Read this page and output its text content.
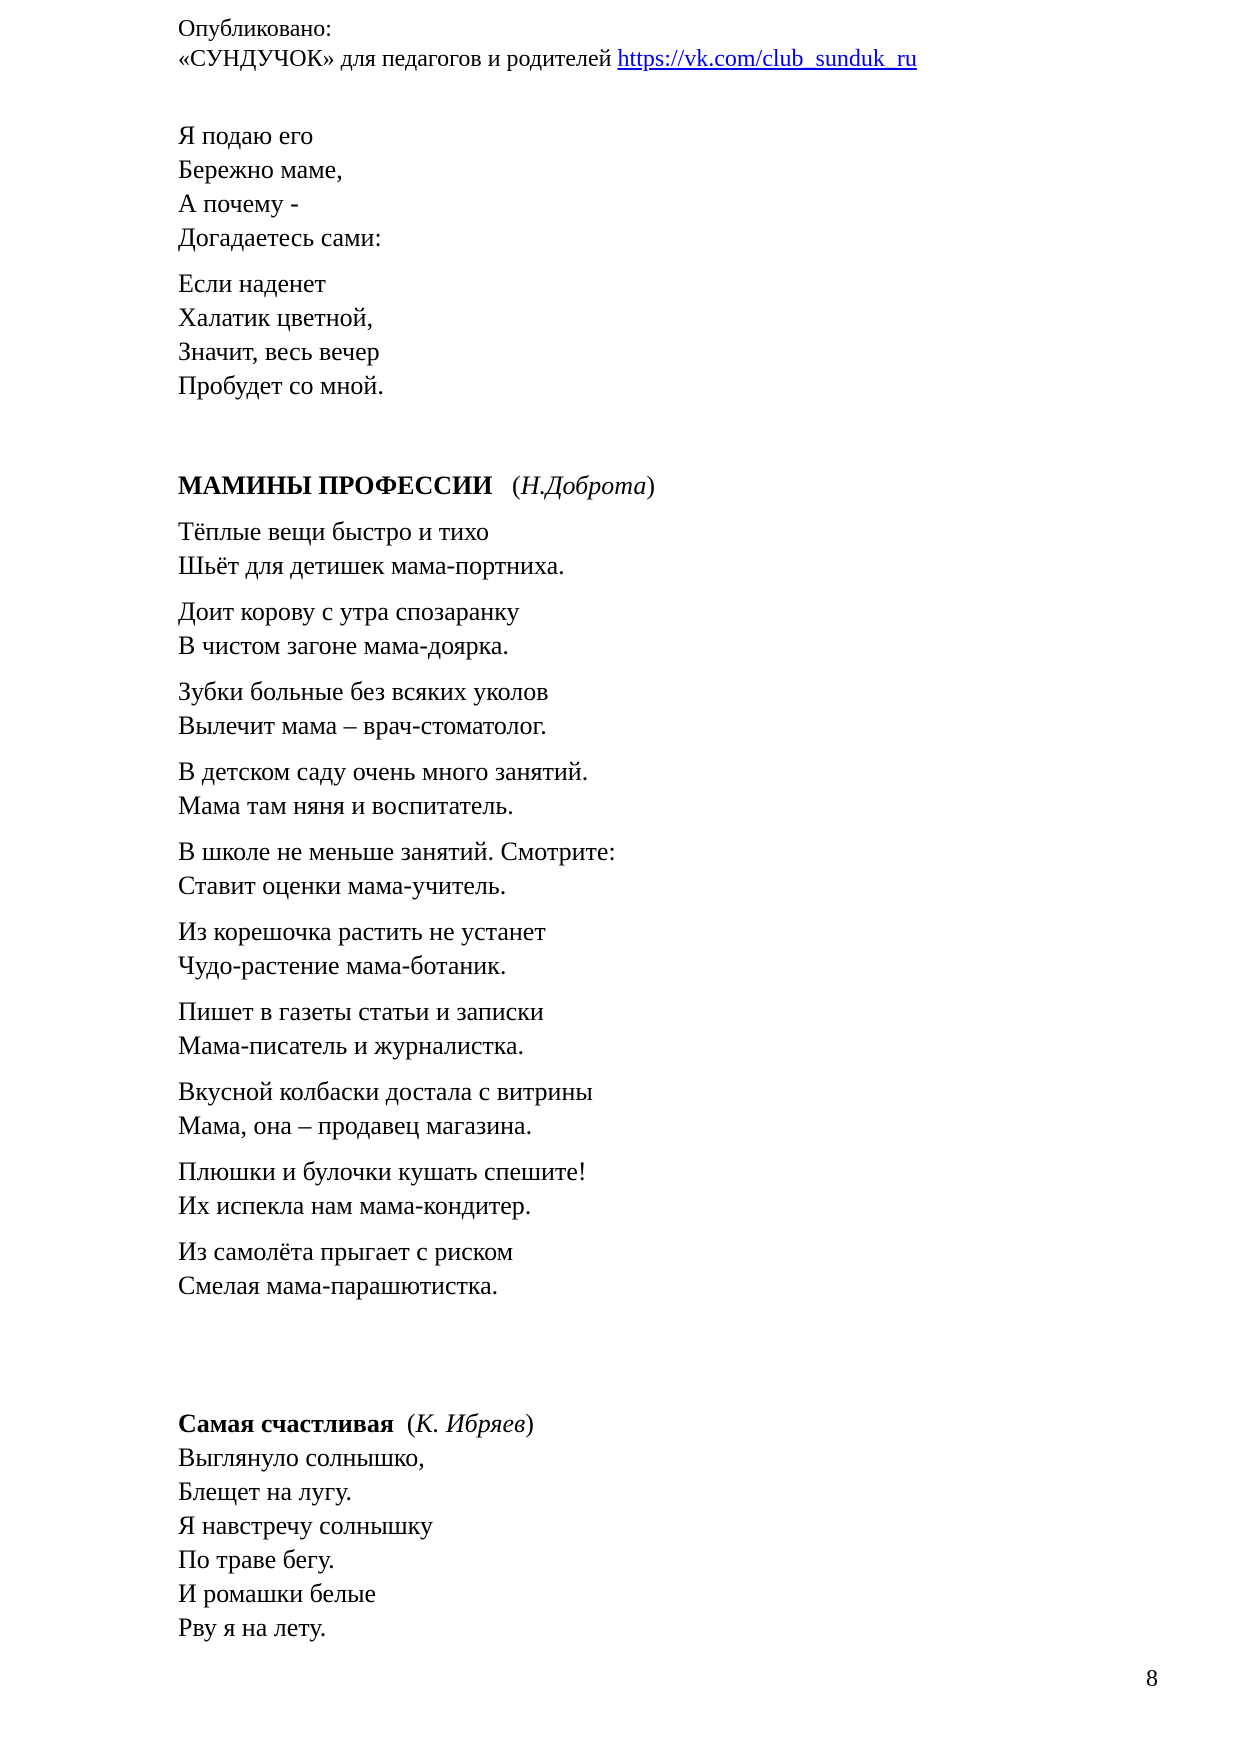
Опубликовано:
«СУНДУЧОК» для педагогов и родителей https://vk.com/club_sunduk_ru
Я подаю его
Бережно маме,
А почему -
Догадаетесь сами:
Если наденет
Халатик цветной,
Значит, весь вечер
Пробудет со мной.
МАМИНЫ ПРОФЕССИИ   (Н.Доброта)
Тёплые вещи быстро и тихо
Шьёт для детишек мама-портниха.
Доит корову с утра спозаранку
В чистом загоне мама-доярка.
Зубки больные без всяких уколов
Вылечит мама – врач-стоматолог.
В детском саду очень много занятий.
Мама там няня и воспитатель.
В школе не меньше занятий. Смотрите:
Ставит оценки мама-учитель.
Из корешочка растить не устанет
Чудо-растение мама-ботаник.
Пишет в газеты статьи и записки
Мама-писатель и журналистка.
Вкусной колбаски достала с витрины
Мама, она – продавец магазина.
Плюшки и булочки кушать спешите!
Их испекла нам мама-кондитер.
Из самолёта прыгает с риском
Смелая мама-парашютистка.
Самая счастливая  (К. Ибряев)
Выглянуло солнышко,
Блещет на лугу.
Я навстречу солнышку
По траве бегу.
И ромашки белые
Рву я на лету.
8
